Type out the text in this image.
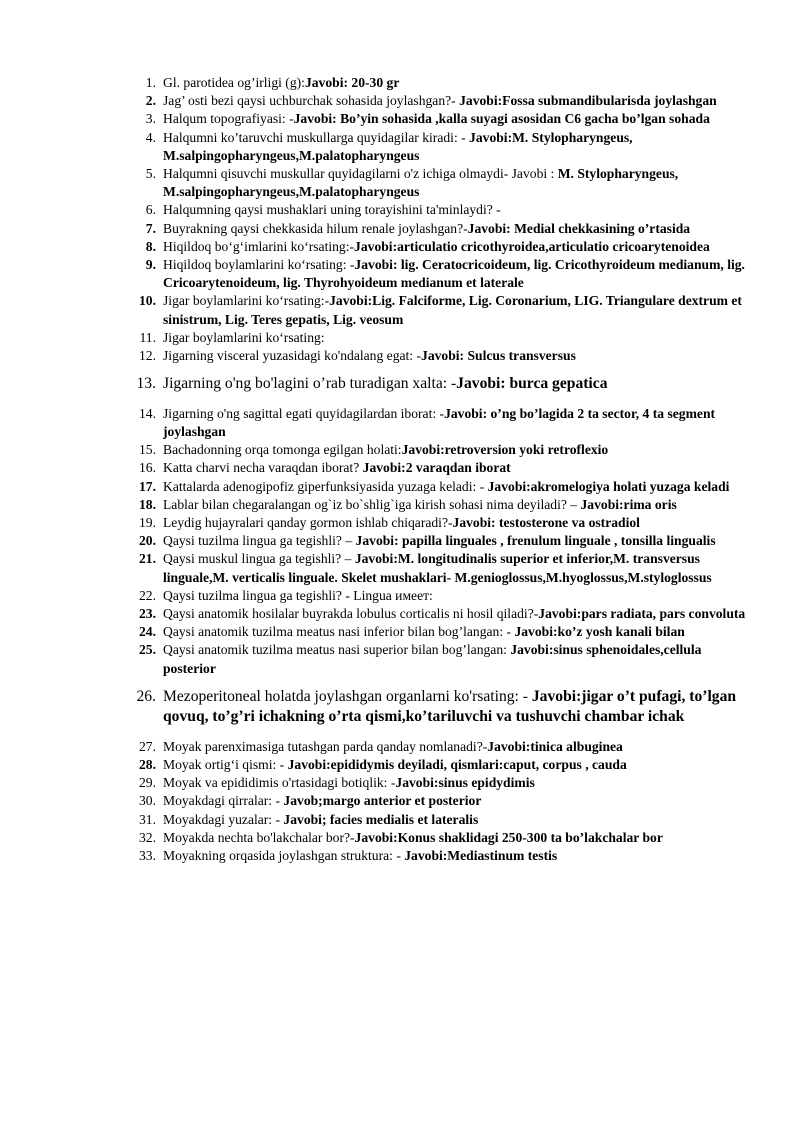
1. Gl. parotidea og’irligi (g):Javobi: 20-30 gr
2. Jag’ osti bezi qaysi uchburchak sohasida joylashgan?- Javobi:Fossa submandibularisda joylashgan
3. Halqum topografiyasi: -Javobi: Bo’yin sohasida ,kalla suyagi asosidan C6 gacha bo’lgan sohada
4. Halqumni ko’taruvchi muskullarga quyidagilar kiradi: - Javobi:M. Stylopharyngeus, M.salpingopharyngeus,M.palatopharyngeus
5. Halqumni qisuvchi muskullar quyidagilarni o'z ichiga olmaydi- Javobi : M. Stylopharyngeus, M.salpingopharyngeus,M.palatopharyngeus
6. Halqumning qaysi mushaklari uning torayishini ta'minlaydi? -
7. Buyrakning qaysi chekkasida hilum renale joylashgan?-Javobi: Medial chekkasining o’rtasida
8. Hiqildoq bo‘g‘imlarini ko‘rsating:-Javobi:articulatio cricothyroidea,articulatio cricoarytenoidea
9. Hiqildoq boylamlarini ko‘rsating: -Javobi: lig. Ceratocricoideum, lig. Cricothyroideum medianum, lig. Cricoarytenoideum, lig. Thyrohyoideum medianum et laterale
10. Jigar boylamlarini ko‘rsating:-Javobi:Lig. Falciforme, Lig. Coronarium, LIG. Triangulare dextrum et sinistrum, Lig. Teres gepatis, Lig. veosum
11. Jigar boylamlarini ko‘rsating:
12. Jigarning visceral yuzasidagi ko'ndalang egat: -Javobi: Sulcus transversus
13. Jigarning o'ng bo'lagini o’rab turadigan xalta: -Javobi: burca gepatica
14. Jigarning o'ng sagittal egati quyidagilardan iborat: -Javobi: o’ng bo’lagida 2 ta sector, 4 ta segment joylashgan
15. Bachadonning orqa tomonga egilgan holati:Javobi:retroversion yoki retroflexio
16. Katta charvi necha varaqdan iborat? Javobi:2 varaqdan iborat
17. Kattalarda adenogipofiz giperfunksiyasida yuzaga keladi: - Javobi:akromelogiya holati yuzaga keladi
18. Lablar bilan chegaralangan og`iz bo`shlig`iga kirish sohasi nima deyiladi? – Javobi:rima oris
19. Leydig hujayralari qanday gormon ishlab chiqaradi?-Javobi: testosterone va ostradiol
20. Qaysi tuzilma lingua ga tegishli? – Javobi: papilla linguales , frenulum linguale , tonsilla lingualis
21. Qaysi muskul lingua ga tegishli? – Javobi:M. longitudinalis superior et inferior,M. transversus linguale,M. verticalis linguale. Skelet mushaklari- M.genioglossus,M.hyoglossus,M.styloglossus
22. Qaysi tuzilma lingua ga tegishli? - Lingua имеет:
23. Qaysi anatomik hosilalar buyrakda lobulus corticalis ni hosil qiladi?-Javobi:pars radiata, pars convoluta
24. Qaysi anatomik tuzilma meatus nasi inferior bilan bog’langan: - Javobi:ko’z yosh kanali bilan
25. Qaysi anatomik tuzilma meatus nasi superior bilan bog’langan: Javobi:sinus sphenoidales,cellula posterior
26. Mezoperitoneal holatda joylashgan organlarni ko'rsating: - Javobi:jigar o’t pufagi, to’lgan qovuq, to’g’ri ichakning o’rta qismi,ko’tariluvchi va tushuvchi chambar ichak
27. Moyak parenximasiga tutashgan parda qanday nomlanadi?-Javobi:tinica albuginea
28. Moyak ortig‘i qismi: - Javobi:epididymis deyiladi, qismlari:caput, corpus , cauda
29. Moyak va epididimis o'rtasidagi botiqlik: -Javobi:sinus epidydimis
30. Moyakdagi qirralar: - Javob;margo anterior et posterior
31. Moyakdagi yuzalar: - Javobi; facies medialis et lateralis
32. Moyakda nechta bo'lakchalar bor?-Javobi:Konus shaklidagi 250-300 ta bo’lakchalar bor
33. Moyakning orqasida joylashgan struktura: - Javobi:Mediastinum testis
